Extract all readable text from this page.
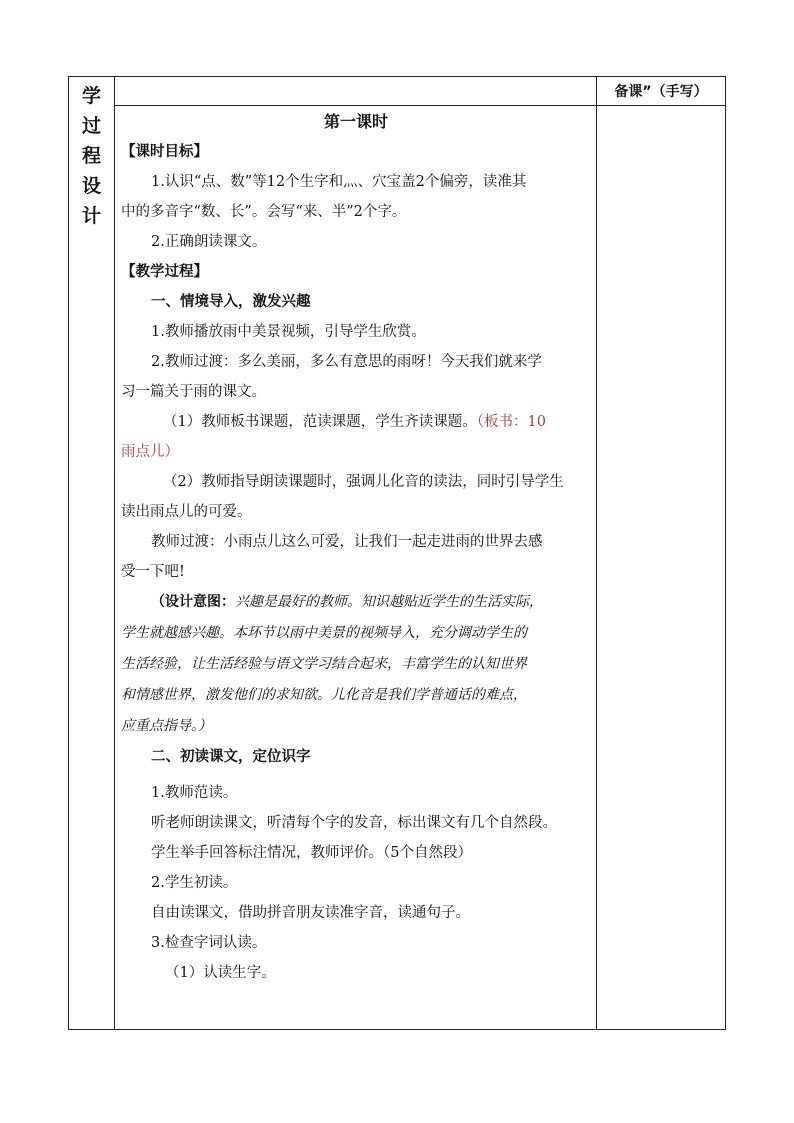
学
过
程
设
计
备课”（手写）
第一课时
【课时目标】
1.认识“点、数”等12个生字和灬、穴宝盖2个偏旁，读准其
中的多音字“数、长”。会写“来、半”2个字。
2.正确朗读课文。
【教学过程】
一、情境导入，激发兴趣
1.教师播放雨中美景视频，引导学生欣赏。
2.教师过渡：多么美丽，多么有意思的雨呀！今天我们就来学
习一篇关于雨的课文。
（1）教师板书课题，范读课题，学生齐读课题。（板书：10
雨点儿）
（2）教师指导朗读课题时，强调儿化音的读法，同时引导学生
读出雨点儿的可爱。
教师过渡：小雨点儿这么可爱，让我们一起走进雨的世界去感
受一下吧!
（设计意图：兴趣是最好的教师。知识越贴近学生的生活实际，
学生就越感兴趣。本环节以雨中美景的视频导入，充分调动学生的
生活经验，让生活经验与语文学习结合起来，丰富学生的认知世界
和情感世界，激发他们的求知欲。儿化音是我们学普通话的难点，
应重点指导。）
二、初读课文，定位识字
1.教师范读。
听老师朗读课文，听清每个字的发音，标出课文有几个自然段。
学生举手回答标注情况，教师评价。（5个自然段）
2.学生初读。
自由读课文，借助拼音朋友读准字音，读通句子。
3.检查字词认读。
（1）认读生字。
